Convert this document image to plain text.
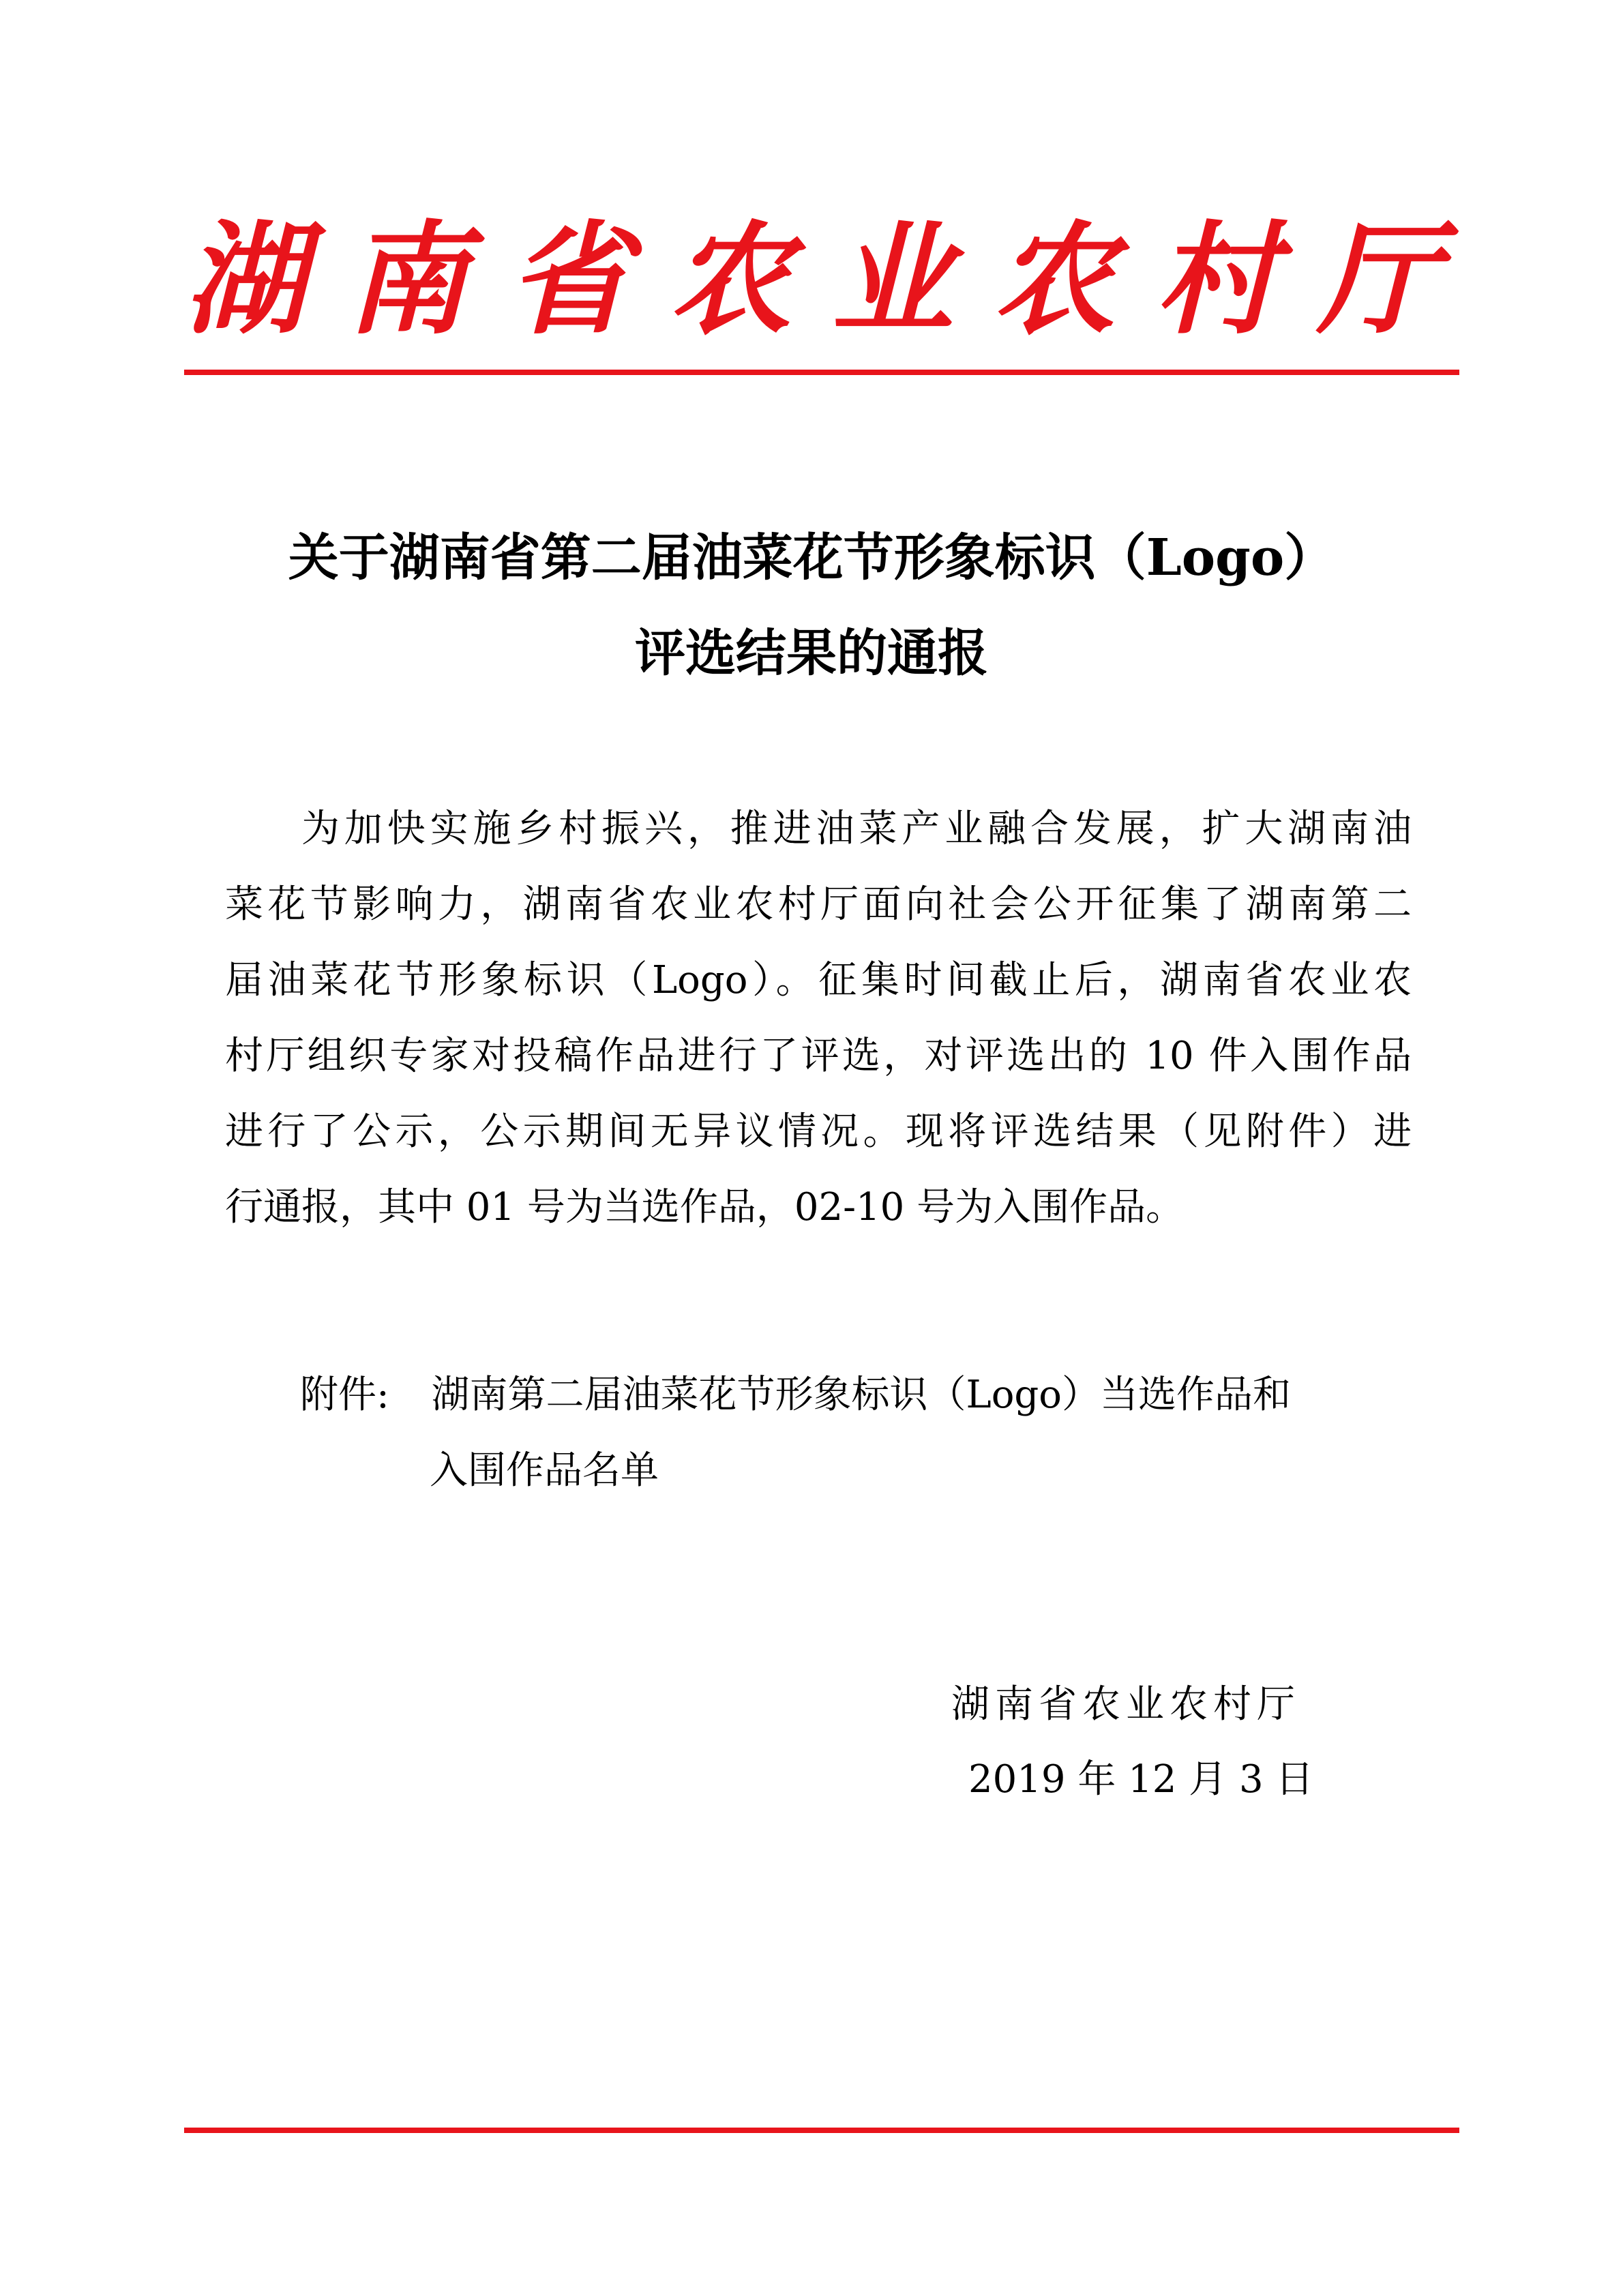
湖 南 省 农 业 农 村 厅
关于湖南省第二届油菜花节形象标识（Logo）
评选结果的通报
为加快实施乡村振兴，推进油菜产业融合发展，扩大湖南油
菜花节影响力，湖南省农业农村厅面向社会公开征集了湖南第二
届油菜花节形象标识（Logo）。征集时间截止后，湖南省农业农
村厅组织专家对投稿作品进行了评选，对评选出的 10 件入围作品
进行了公示，公示期间无异议情况。现将评选结果（见附件）进
行通报，其中 01 号为当选作品，02-10 号为入围作品。
附件: 湖南第二届油菜花节形象标识（Logo）当选作品和
入围作品名单
湖南省农业农村厅
2019 年 12 月 3 日
